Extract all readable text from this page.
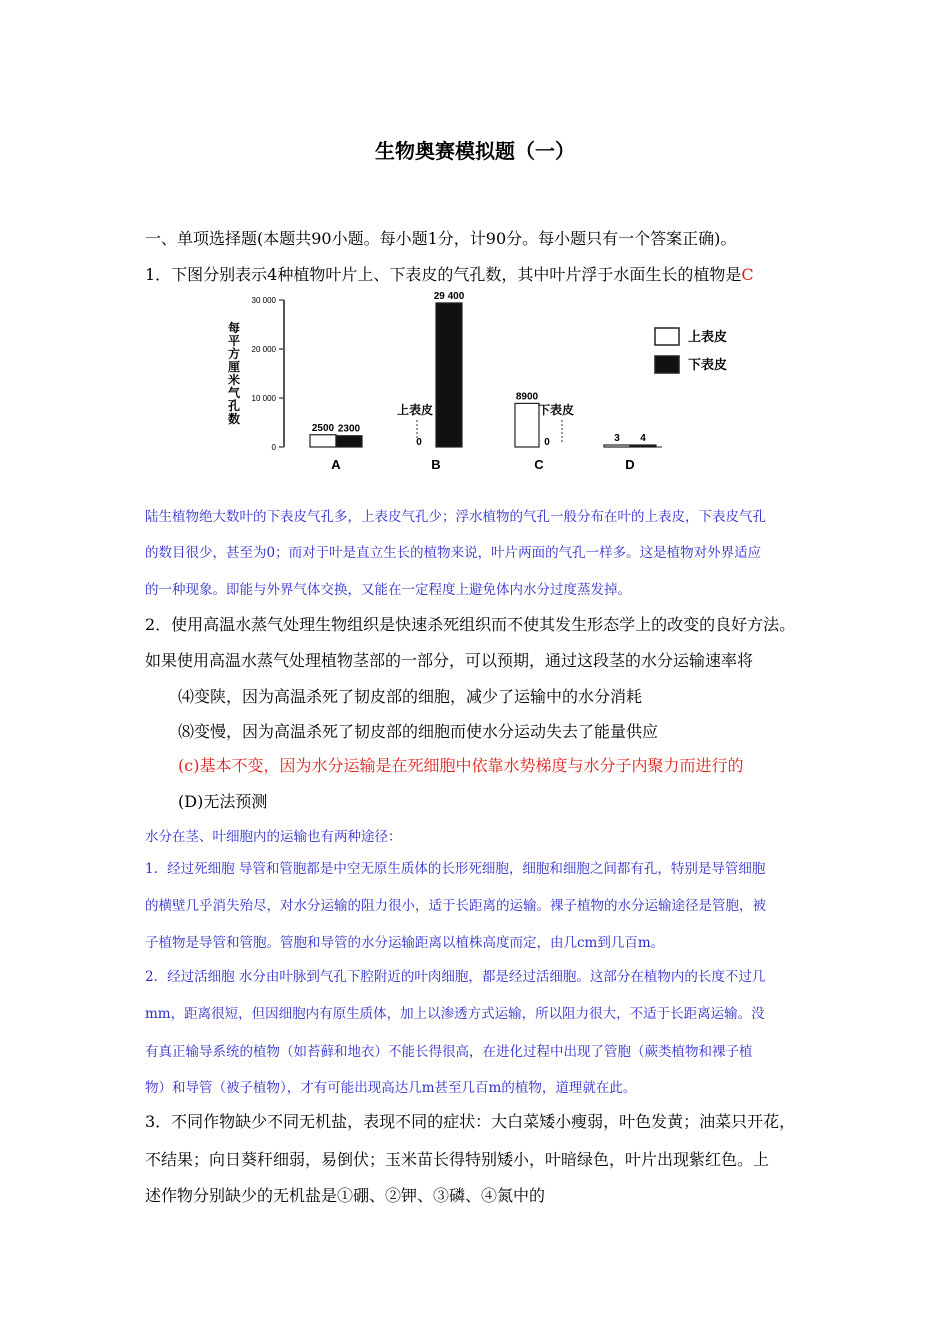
生物奥赛模拟题（一）
一、单项选择题(本题共90小题。每小题1分，计90分。每小题只有一个答案正确)。
1．下图分别表示4种植物叶片上、下表皮的气孔数，其中叶片浮于水面生长的植物是C
每
平
方
厘
米
气
孔
数
30 000
20 000
10 000
0
2500 2300
0
29 400
8900
0	3 4
A	B	C	D
上表皮	下表皮
上表皮
下表皮
陆生植物绝大数叶的下表皮气孔多，上表皮气孔少；浮水植物的气孔一般分布在叶的上表皮，下表皮气孔
的数目很少，甚至为0；而对于叶是直立生长的植物来说，叶片两面的气孔一样多。这是植物对外界适应
的一种现象。即能与外界气体交换，又能在一定程度上避免体内水分过度蒸发掉。
2．使用高温水蒸气处理生物组织是快速杀死组织而不使其发生形态学上的改变的良好方法。
如果使用高温水蒸气处理植物茎部的一部分，可以预期，通过这段茎的水分运输速率将
⑷变陕，因为高温杀死了韧皮部的细胞，减少了运输中的水分消耗
⑻变慢，因为高温杀死了韧皮部的细胞而使水分运动失去了能量供应
(c)基本不变，因为水分运输是在死细胞中依靠水势梯度与水分子内聚力而进行的
(D)无法预测
水分在茎、叶细胞内的运输也有两种途径：
1．经过死细胞 导管和管胞都是中空无原生质体的长形死细胞，细胞和细胞之间都有孔，特别是导管细胞
的横壁几乎消失殆尽，对水分运输的阻力很小，适于长距离的运输。裸子植物的水分运输途径是管胞，被
子植物是导管和管胞。管胞和导管的水分运输距离以植株高度而定，由几cm到几百m。
2．经过活细胞 水分由叶脉到气孔下腔附近的叶肉细胞，都是经过活细胞。这部分在植物内的长度不过几
mm，距离很短，但因细胞内有原生质体，加上以渗透方式运输，所以阻力很大，不适于长距离运输。没
有真正输导系统的植物（如苔藓和地衣）不能长得很高，在进化过程中出现了管胞（蕨类植物和裸子植
物）和导管（被子植物），才有可能出现高达几m甚至几百m的植物，道理就在此。
3．不同作物缺少不同无机盐，表现不同的症状：大白菜矮小瘦弱，叶色发黄；油菜只开花，
不结果；向日葵秆细弱，易倒伏；玉米苗长得特别矮小，叶暗绿色，叶片出现紫红色。上
述作物分别缺少的无机盐是①硼、②钾、③磷、④氮中的
